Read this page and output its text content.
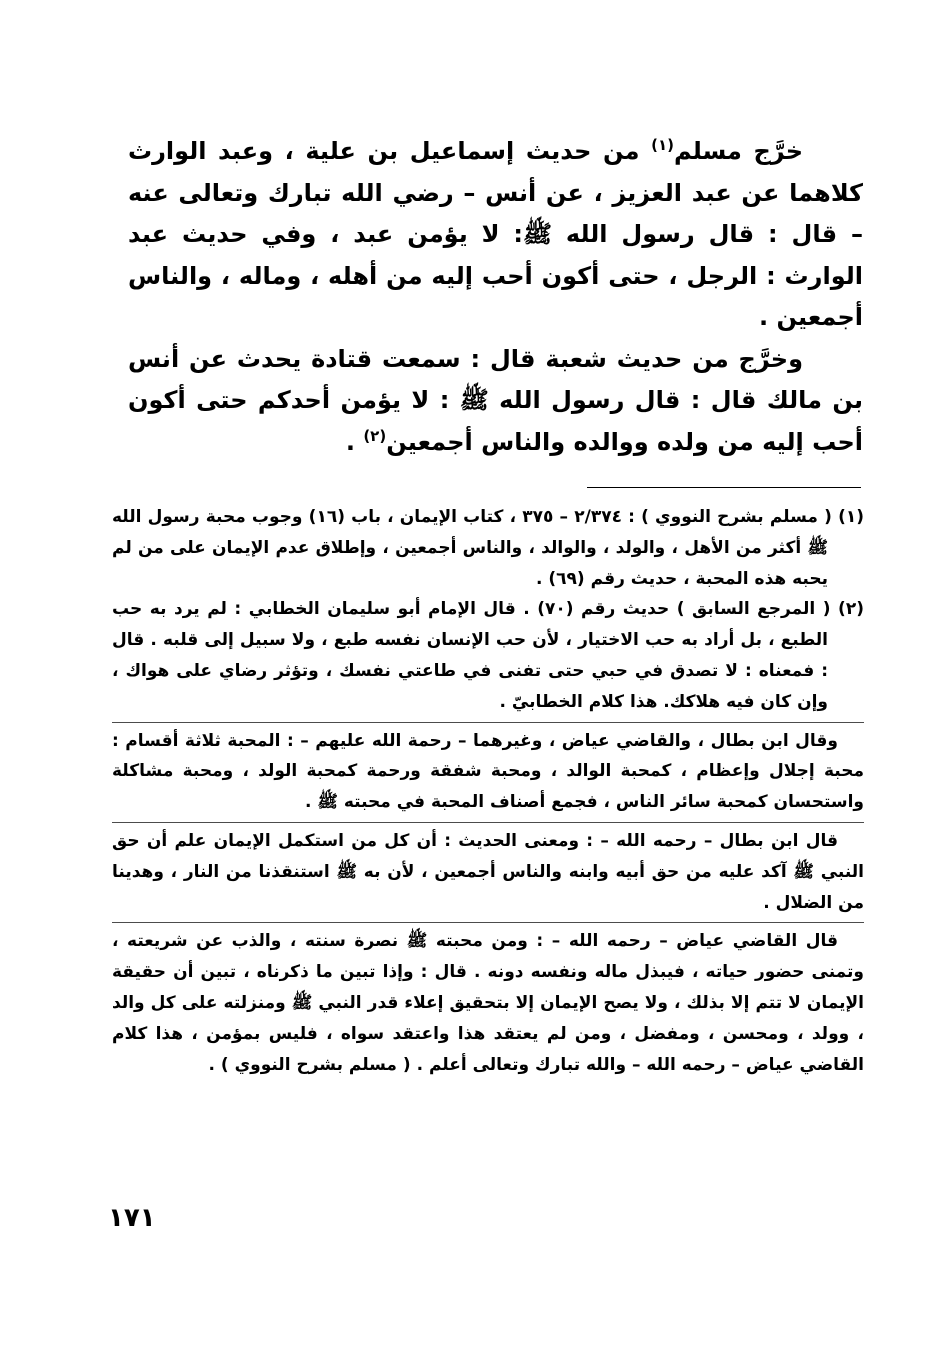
خرَّج مسلم$^{(١)}$ من حديث إسماعيل بن علية ، وعبد الوارث كلاهما عن عبد العزيز ، عن أنس – رضي الله تبارك وتعالى عنه – قال : قال رسول الله ﷺ: لا يؤمن عبد ، وفي حديث عبد الوارث : الرجل ، حتى أكون أحب إليه من أهله ، وماله ، والناس أجمعين .

وخرَّج من حديث شعبة قال : سمعت قتادة يحدث عن أنس بن مالك قال : قال رسول الله ﷺ : لا يؤمن أحدكم حتى أكون أحب إليه من ولده ووالده والناس أجمعين$^{(٢)}$ .

(١) ( مسلم بشرح النووي ) : ٢/٣٧٤ – ٣٧٥ ، كتاب الإيمان ، باب (١٦) وجوب محبة رسول الله ﷺ أكثر من الأهل ، والولد ، والوالد ، والناس أجمعين ، وإطلاق عدم الإيمان على من لم يحبه هذه المحبة ، حديث رقم (٦٩) .

(٢) ( المرجع السابق ) حديث رقم (٧٠) . قال الإمام أبو سليمان الخطابي : لم يرد به حب الطبع ، بل أراد به حب الاختيار ، لأن حب الإنسان نفسه طبع ، ولا سبيل إلى قلبه . قال : فمعناه : لا تصدق في حبي حتى تفنى في طاعتي نفسك ، وتؤثر رضاي على هواك ، وإن كان فيه هلاكك. هذا كلام الخطابيّ .

وقال ابن بطال ، والقاضي عياض ، وغيرهما – رحمة الله عليهم – : المحبة ثلاثة أقسام : محبة إجلال وإعظام ، كمحبة الوالد ، ومحبة شفقة ورحمة كمحبة الولد ، ومحبة مشاكلة واستحسان كمحبة سائر الناس ، فجمع أصناف المحبة في محبته ﷺ .

قال ابن بطال – رحمه الله – : ومعنى الحديث : أن كل من استكمل الإيمان علم أن حق النبي ﷺ آكد عليه من حق أبيه وابنه والناس أجمعين ، لأن به ﷺ استنقذنا من النار ، وهدينا من الضلال .

قال القاضي عياض – رحمه الله – : ومن محبته ﷺ نصرة سنته ، والذب عن شريعته ، وتمنى حضور حياته ، فيبذل ماله ونفسه دونه . قال : وإذا تبين ما ذكرناه ، تبين أن حقيقة الإيمان لا تتم إلا بذلك ، ولا يصح الإيمان إلا بتحقيق إعلاء قدر النبي ﷺ ومنزلته على كل والد ، وولد ، ومحسن ، ومفضل ، ومن لم يعتقد هذا واعتقد سواه ، فليس بمؤمن ، هذا كلام القاضي عياض – رحمه الله – والله تبارك وتعالى أعلم . ( مسلم بشرح النووي ) .

١٧١
